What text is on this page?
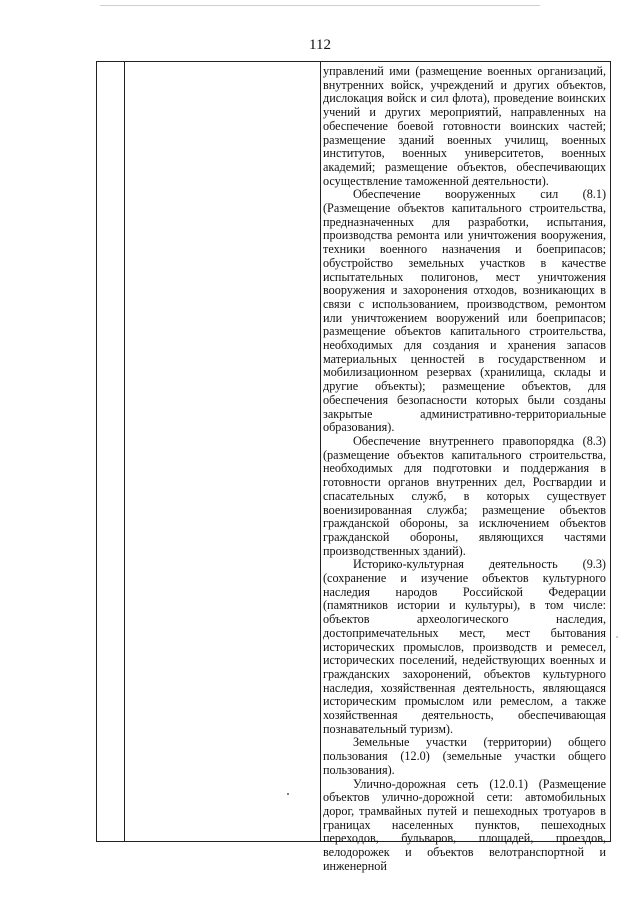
112

управлений ими (размещение военных организаций, внутренних войск, учреждений и других объектов, дислокация войск и сил флота), проведение воинских учений и других мероприятий, направленных на обеспечение боевой готовности воинских частей; размещение зданий военных училищ, военных институтов, военных университетов, военных академий; размещение объектов, обеспечивающих осуществление таможенной деятельности).

Обеспечение вооруженных сил (8.1) (Размещение объектов капитального строительства, предназначенных для разработки, испытания, производства ремонта или уничтожения вооружения, техники военного назначения и боеприпасов; обустройство земельных участков в качестве испытательных полигонов, мест уничтожения вооружения и захоронения отходов, возникающих в связи с использованием, производством, ремонтом или уничтожением вооружений или боеприпасов; размещение объектов капитального строительства, необходимых для создания и хранения запасов материальных ценностей в государственном и мобилизационном резервах (хранилища, склады и другие объекты); размещение объектов, для обеспечения безопасности которых были созданы закрытые административно-территориальные образования).

Обеспечение внутреннего правопорядка (8.3) (размещение объектов капитального строительства, необходимых для подготовки и поддержания в готовности органов внутренних дел, Росгвардии и спасательных служб, в которых существует военизированная служба; размещение объектов гражданской обороны, за исключением объектов гражданской обороны, являющихся частями производственных зданий).

Историко-культурная деятельность (9.3) (сохранение и изучение объектов культурного наследия народов Российской Федерации (памятников истории и культуры), в том числе: объектов археологического наследия, достопримечательных мест, мест бытования исторических промыслов, производств и ремесел, исторических поселений, недействующих военных и гражданских захоронений, объектов культурного наследия, хозяйственная деятельность, являющаяся историческим промыслом или ремеслом, а также хозяйственная деятельность, обеспечивающая познавательный туризм).

Земельные участки (территории) общего пользования (12.0) (земельные участки общего пользования).

Улично-дорожная сеть (12.0.1) (Размещение объектов улично-дорожной сети: автомобильных дорог, трамвайных путей и пешеходных тротуаров в границах населенных пунктов, пешеходных переходов, бульваров, площадей, проездов, велодорожек и объектов велотранспортной и инженерной
